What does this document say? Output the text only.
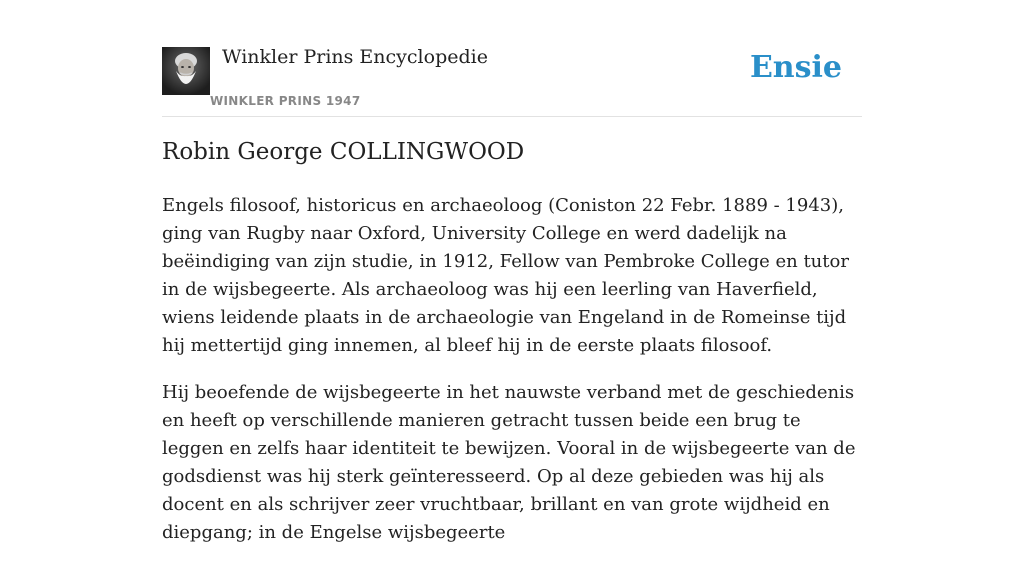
Winkler Prins Encyclopedie
WINKLER PRINS 1947
Ensie
Robin George COLLINGWOOD

Engels filosoof, historicus en archaeoloog (Coniston 22 Febr. 1889 - 1943), ging van Rugby naar Oxford, University College en werd dadelijk na beëindiging van zijn studie, in 1912, Fellow van Pembroke College en tutor in de wijsbegeerte. Als archaeoloog was hij een leerling van Haverfield, wiens leidende plaats in de archaeologie van Engeland in de Romeinse tijd hij mettertijd ging innemen, al bleef hij in de eerste plaats filosoof.

Hij beoefende de wijsbegeerte in het nauwste verband met de geschiedenis en heeft op verschillende manieren getracht tussen beide een brug te leggen en zelfs haar identiteit te bewijzen. Vooral in de wijsbegeerte van de godsdienst was hij sterk geïnteresseerd. Op al deze gebieden was hij als docent en als schrijver zeer vruchtbaar, brillant en van grote wijdheid en diepgang; in de Engelse wijsbegeerte
